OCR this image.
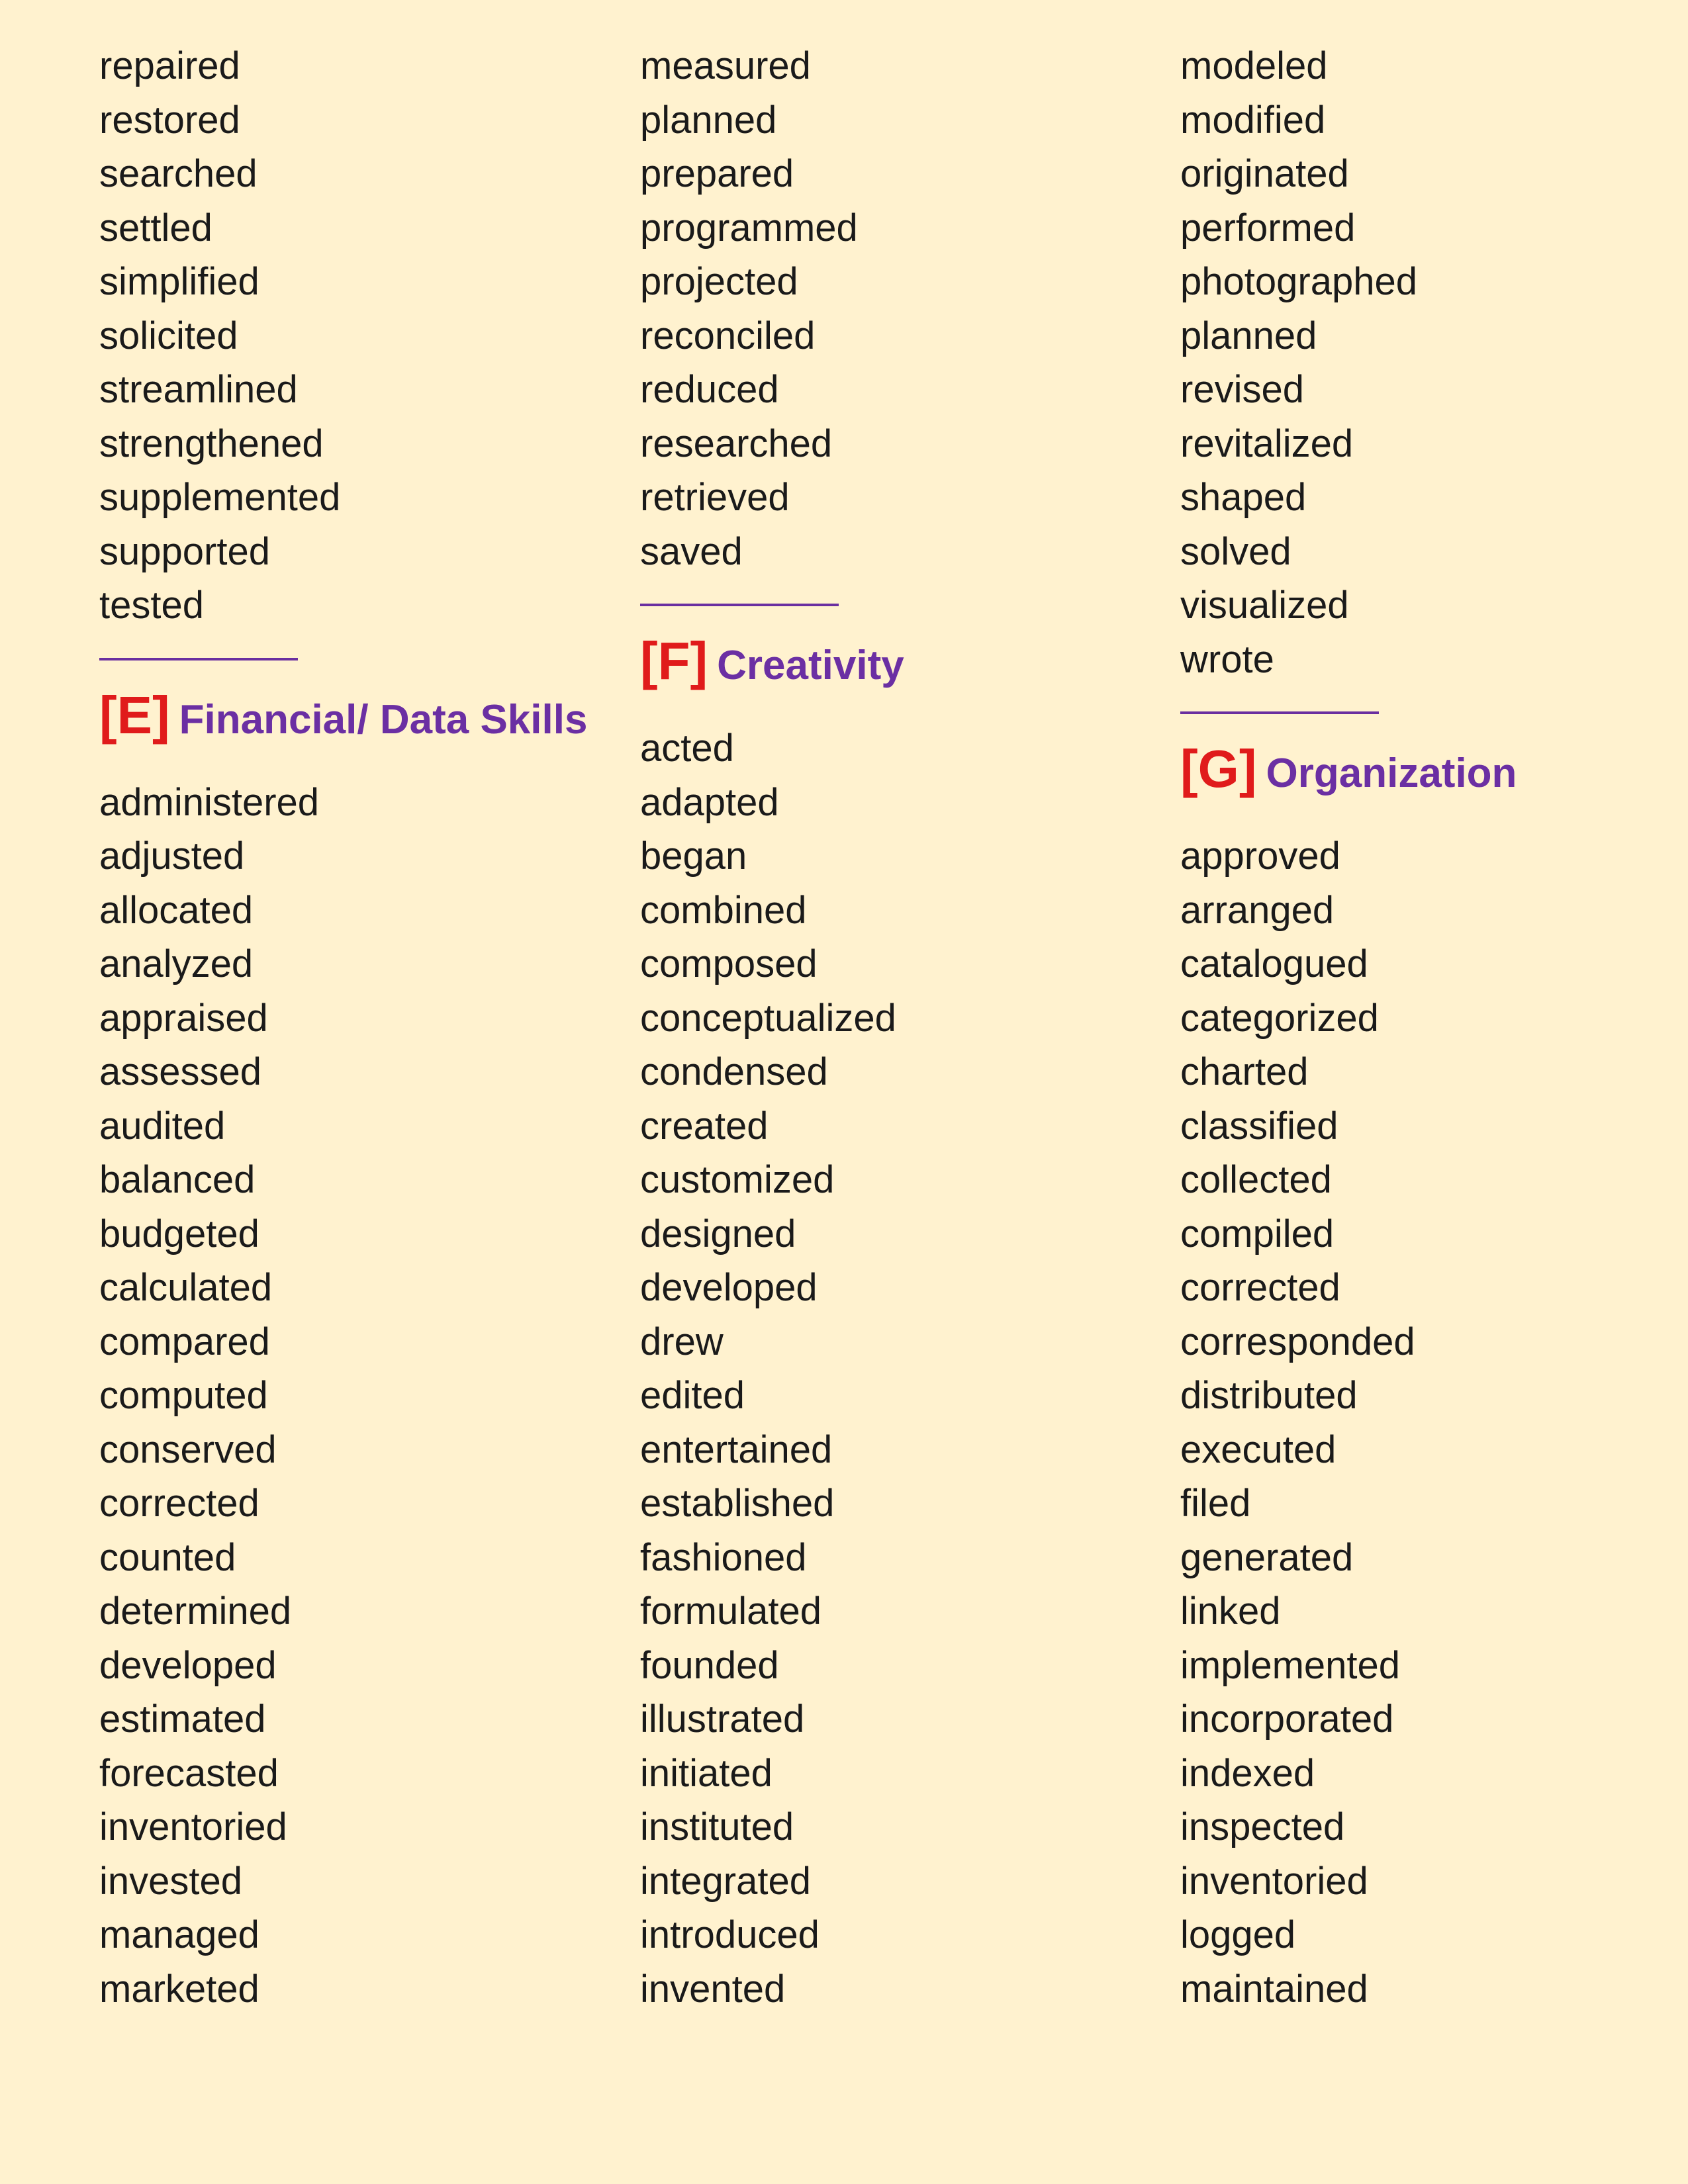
repaired
restored
searched
settled
simplified
solicited
streamlined
strengthened
supplemented
supported
tested
[E] Financial/ Data Skills
administered
adjusted
allocated
analyzed
appraised
assessed
audited
balanced
budgeted
calculated
compared
computed
conserved
corrected
counted
determined
developed
estimated
forecasted
inventoried
invested
managed
marketed
measured
planned
prepared
programmed
projected
reconciled
reduced
researched
retrieved
saved
[F] Creativity
acted
adapted
began
combined
composed
conceptualized
condensed
created
customized
designed
developed
drew
edited
entertained
established
fashioned
formulated
founded
illustrated
initiated
instituted
integrated
introduced
invented
modeled
modified
originated
performed
photographed
planned
revised
revitalized
shaped
solved
visualized
wrote
[G] Organization
approved
arranged
catalogued
categorized
charted
classified
collected
compiled
corrected
corresponded
distributed
executed
filed
generated
linked
implemented
incorporated
indexed
inspected
inventoried
logged
maintained
